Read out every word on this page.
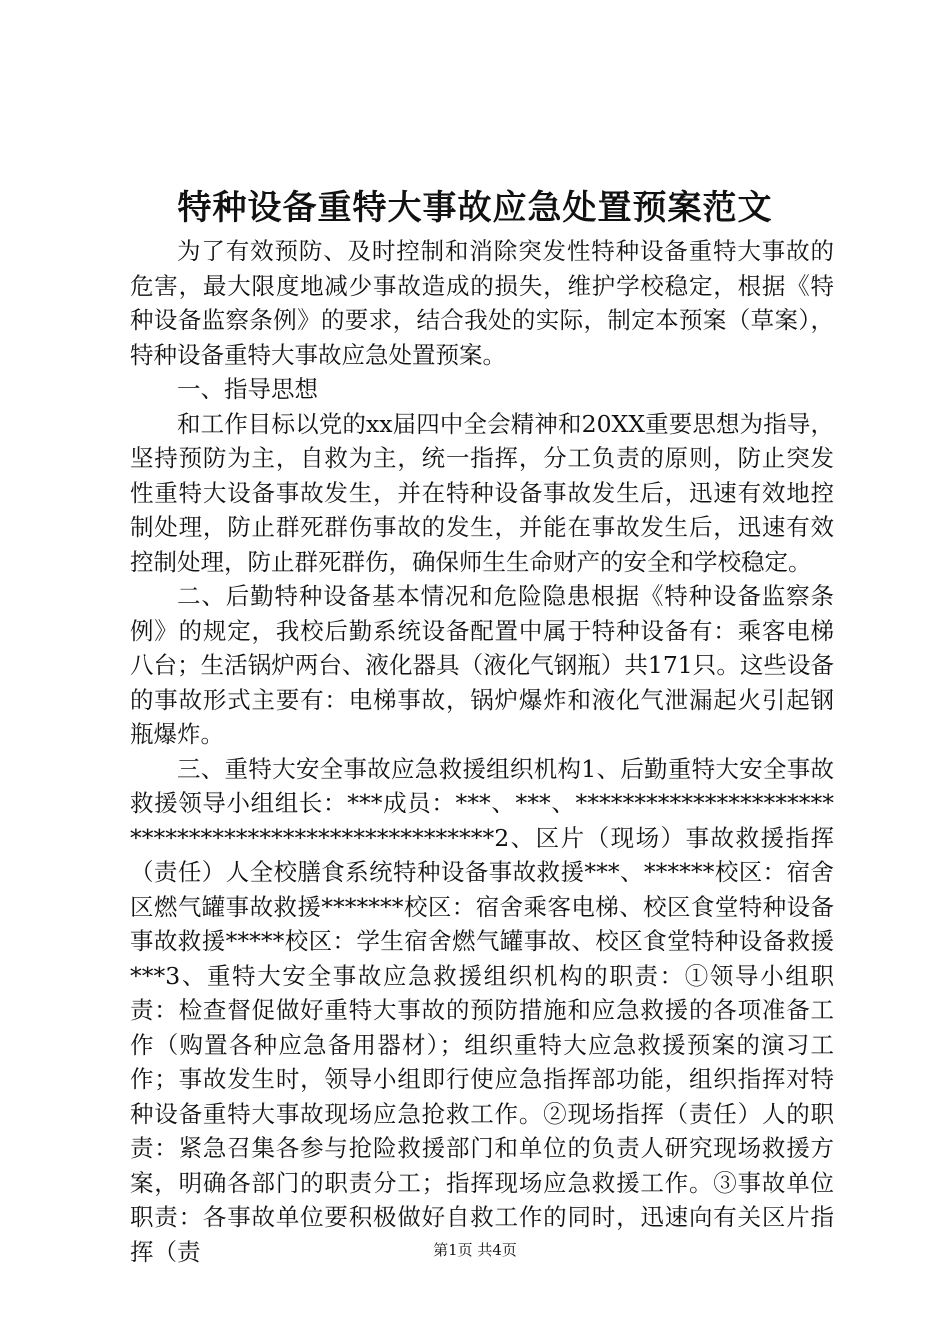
特种设备重特大事故应急处置预案范文

为了有效预防、及时控制和消除突发性特种设备重特大事故的危害，最大限度地减少事故造成的损失，维护学校稳定，根据《特种设备监察条例》的要求，结合我处的实际，制定本预案（草案），特种设备重特大事故应急处置预案。

一、指导思想

和工作目标以党的xx届四中全会精神和20XX重要思想为指导，坚持预防为主，自救为主，统一指挥，分工负责的原则，防止突发性重特大设备事故发生，并在特种设备事故发生后，迅速有效地控制处理，防止群死群伤事故的发生，并能在事故发生后，迅速有效控制处理，防止群死群伤，确保师生生命财产的安全和学校稳定。

二、后勤特种设备基本情况和危险隐患根据《特种设备监察条例》的规定，我校后勤系统设备配置中属于特种设备有：乘客电梯八台；生活锅炉两台、液化器具（液化气钢瓶）共171只。这些设备的事故形式主要有：电梯事故，锅炉爆炸和液化气泄漏起火引起钢瓶爆炸。

三、重特大安全事故应急救援组织机构1、后勤重特大安全事故救援领导小组组长：***成员：***、***、*****************************************************2、区片（现场）事故救援指挥（责任）人全校膳食系统特种设备事故救援***、******校区：宿舍区燃气罐事故救援*******校区：宿舍乘客电梯、校区食堂特种设备事故救援*****校区：学生宿舍燃气罐事故、校区食堂特种设备救援***3、重特大安全事故应急救援组织机构的职责：①领导小组职责：检查督促做好重特大事故的预防措施和应急救援的各项准备工作（购置各种应急备用器材）；组织重特大应急救援预案的演习工作；事故发生时，领导小组即行使应急指挥部功能，组织指挥对特种设备重特大事故现场应急抢救工作。②现场指挥（责任）人的职责：紧急召集各参与抢险救援部门和单位的负责人研究现场救援方案，明确各部门的职责分工；指挥现场应急救援工作。③事故单位职责：各事故单位要积极做好自救工作的同时，迅速向有关区片指挥（责	第1页 共4页
